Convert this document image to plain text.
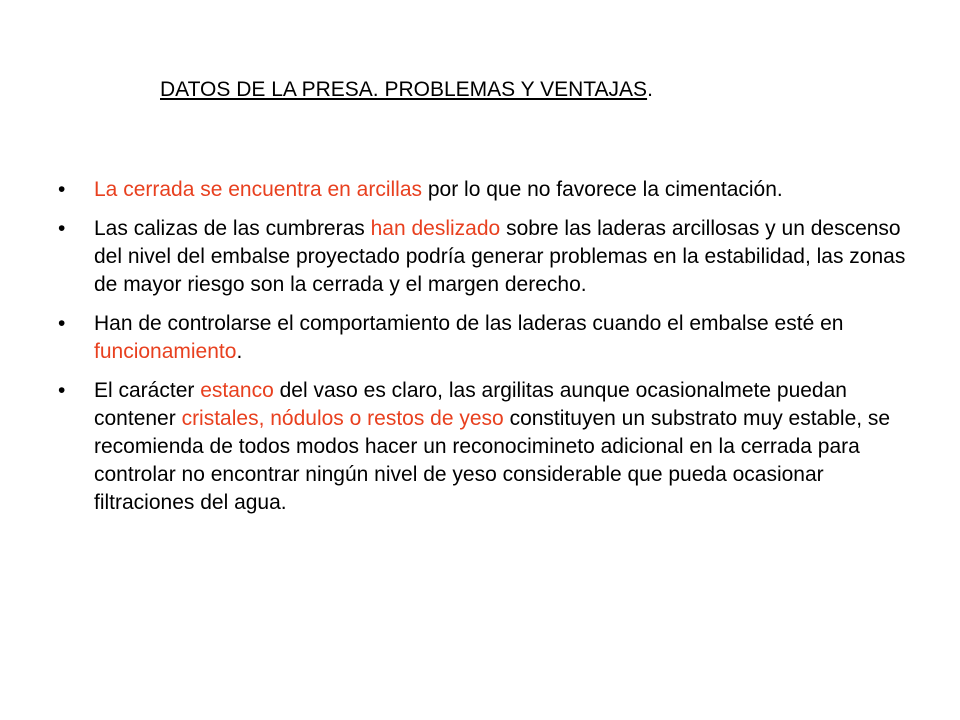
DATOS DE LA PRESA. PROBLEMAS Y VENTAJAS.
• La cerrada se encuentra en arcillas por lo que no favorece la cimentación.
• Las calizas de las cumbreras han deslizado sobre las laderas arcillosas y un descenso del nivel del embalse proyectado podría generar problemas en la estabilidad, las zonas de mayor riesgo son la cerrada y el margen derecho.
• Han de controlarse el comportamiento de las laderas cuando el embalse esté en funcionamiento.
• El carácter estanco del vaso es claro, las argilitas aunque ocasionalmete puedan contener cristales, nódulos o restos de yeso constituyen un substrato muy estable, se recomienda de todos modos hacer un reconocimineto adicional en la cerrada para controlar no encontrar ningún nivel de yeso considerable que pueda ocasionar filtraciones del agua.
